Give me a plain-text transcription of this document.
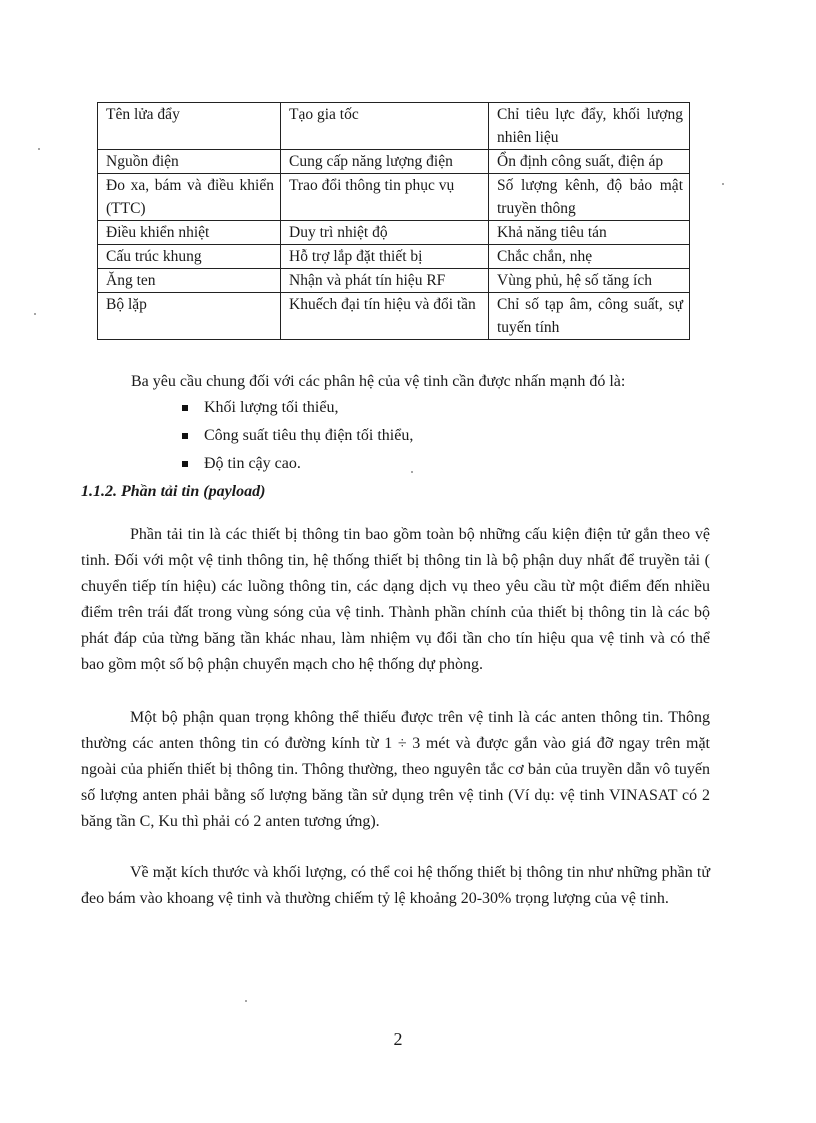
Tên lửa đẩy	Tạo gia tốc	Chỉ tiêu lực đẩy, khối lượng nhiên liệu
Nguồn điện	Cung cấp năng lượng điện	Ổn định công suất, điện áp
Đo xa, bám và điều khiển (TTC)	Trao đổi thông tin phục vụ	Số lượng kênh, độ bảo mật truyền thông
Điều khiển nhiệt	Duy trì nhiệt độ	Khả năng tiêu tán
Cấu trúc khung	Hỗ trợ lắp đặt thiết bị	Chắc chắn, nhẹ
Ăng ten	Nhận và phát tín hiệu RF	Vùng phủ, hệ số tăng ích
Bộ lặp	Khuếch đại tín hiệu và đổi tần	Chỉ số tạp âm, công suất, sự tuyến tính
Ba yêu cầu chung đối với các phân hệ của vệ tinh cần được nhấn mạnh đó là:
Khối lượng tối thiểu,
Công suất tiêu thụ điện tối thiểu,
Độ tin cậy cao.
1.1.2. Phần tải tin (payload)

Phần tải tin là các thiết bị thông tin bao gồm toàn bộ những cấu kiện điện tử gắn theo vệ tinh. Đối với một vệ tinh thông tin, hệ thống thiết bị thông tin là bộ phận duy nhất để truyền tải ( chuyển tiếp tín hiệu) các luồng thông tin, các dạng dịch vụ theo yêu cầu từ một điểm đến nhiều điểm trên trái đất trong vùng sóng của vệ tinh. Thành phần chính của thiết bị thông tin là các bộ phát đáp của từng băng tần khác nhau, làm nhiệm vụ đổi tần cho tín hiệu qua vệ tinh và có thể bao gồm một số bộ phận chuyển mạch cho hệ thống dự phòng.

Một bộ phận quan trọng không thể thiếu được trên vệ tinh là các anten thông tin. Thông thường các anten thông tin có đường kính từ 1 ÷ 3 mét và được gắn vào giá đỡ ngay trên mặt ngoài của phiến thiết bị thông tin. Thông thường, theo nguyên tắc cơ bản của truyền dẫn vô tuyến số lượng anten phải bằng số lượng băng tần sử dụng trên vệ tinh (Ví dụ: vệ tinh VINASAT có 2 băng tần C, Ku thì phải có 2 anten tương ứng).

Về mặt kích thước và khối lượng, có thể coi hệ thống thiết bị thông tin như những phần tử đeo bám vào khoang vệ tinh và thường chiếm tỷ lệ khoảng 20-30% trọng lượng của vệ tinh.

2
